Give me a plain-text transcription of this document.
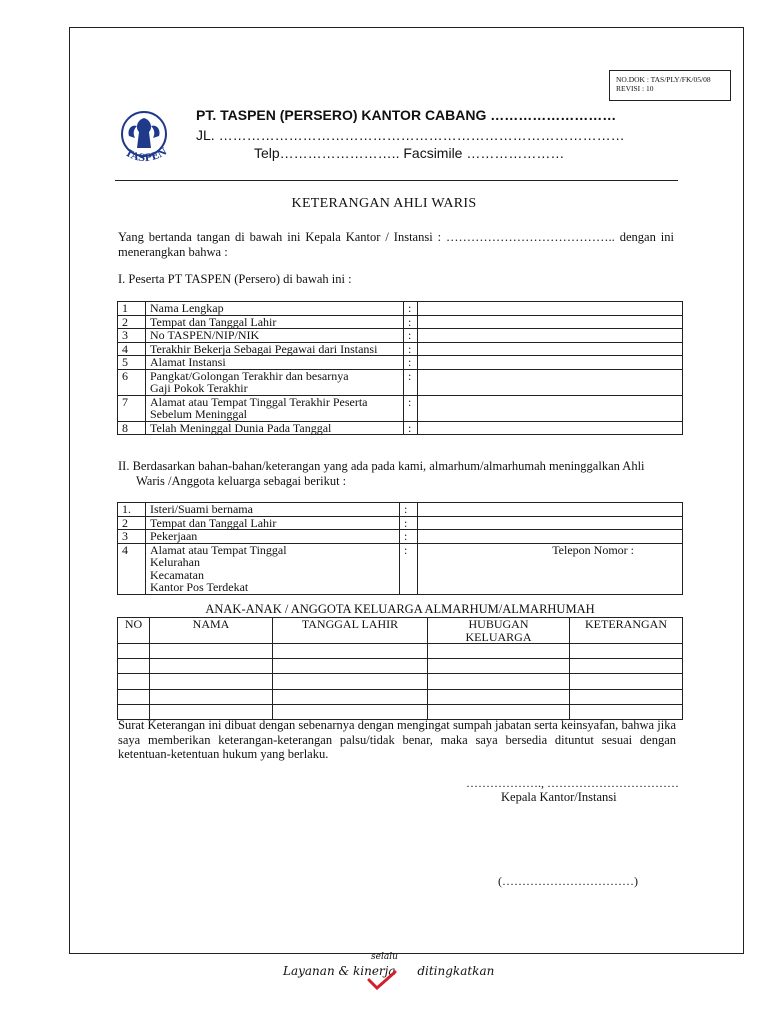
NO.DOK : TAS/PLY/FK/05/08
REVISI : 10
TASPEN
PT. TASPEN (PERSERO) KANTOR CABANG ………………………
JL. ……………………………………………………………………………
Telp…………………….. Facsimile …………………
KETERANGAN AHLI WARIS

Yang bertanda tangan di bawah ini Kepala Kantor / Instansi : ………………………………….. dengan ini menerangkan bahwa :

I. Peserta PT TASPEN (Persero) di bawah ini :
1	Nama Lengkap	:	
2	Tempat dan Tanggal Lahir	:	
3	No TASPEN/NIP/NIK	:	
4	Terakhir Bekerja Sebagai Pegawai dari Instansi	:	
5	Alamat Instansi	:	
6	Pangkat/Golongan Terakhir dan besarnya
Gaji Pokok Terakhir	:	
7	Alamat atau Tempat Tinggal Terakhir Peserta
Sebelum Meninggal	:	
8	Telah Meninggal Dunia Pada Tanggal	:	
II. Berdasarkan bahan-bahan/keterangan yang ada pada kami, almarhum/almarhumah meninggalkan Ahli
Waris /Anggota keluarga sebagai berikut :
1.	Isteri/Suami bernama	:	
2	Tempat dan Tanggal Lahir	:	
3	Pekerjaan	:	
4	Alamat atau Tempat Tinggal
Kelurahan
Kecamatan
Kantor Pos Terdekat	:	Telepon Nomor :
ANAK-ANAK / ANGGOTA KELUARGA ALMARHUM/ALMARHUMAH
NO	NAMA	TANGGAL LAHIR	HUBUGAN
KELUARGA	KETERANGAN

Surat Keterangan ini dibuat dengan sebenarnya dengan mengingat sumpah jabatan serta keinsyafan, bahwa jika saya memberikan keterangan-keterangan palsu/tidak benar, maka saya bersedia dituntut sesuai dengan ketentuan-ketentuan hukum yang berlaku.

………………., ……………………………
Kepala Kantor/Instansi
(……………………………)
Layanan & kinerja
selalu
ditingkatkan
